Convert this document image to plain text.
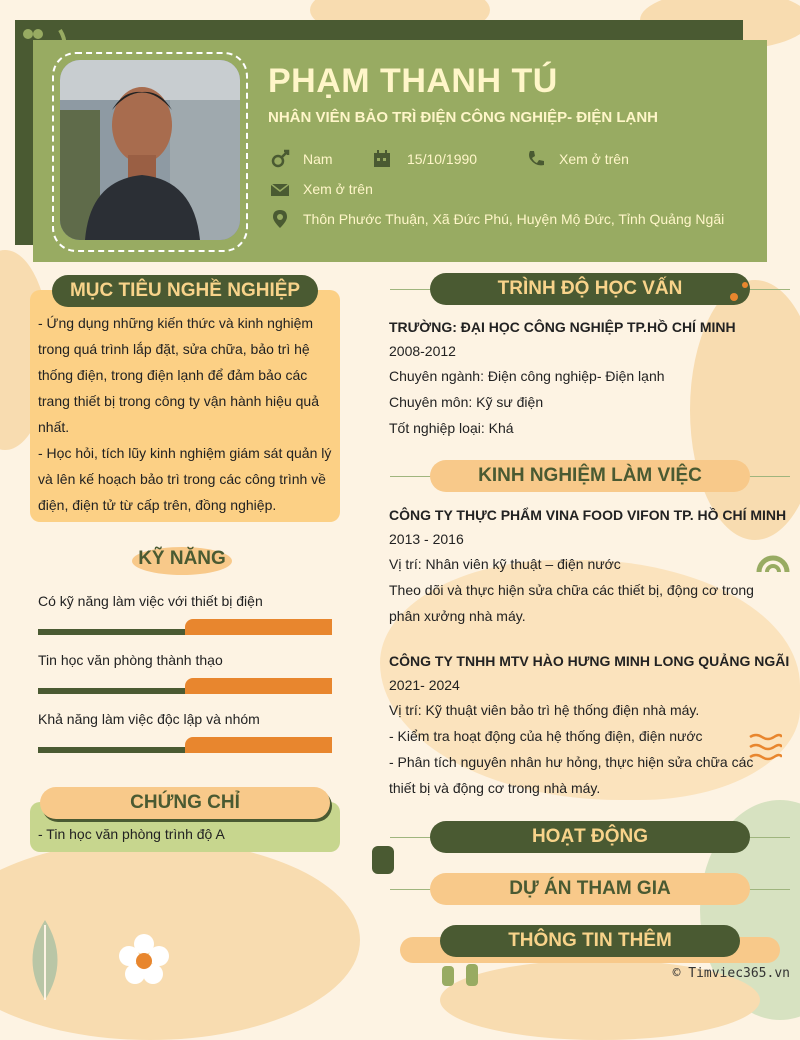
PHẠM THANH TÚ
NHÂN VIÊN BẢO TRÌ ĐIỆN CÔNG NGHIỆP- ĐIỆN LẠNH
Nam	15/10/1990	Xem ở trên
Xem ở trên
Thôn Phước Thuận, Xã Đức Phú, Huyện Mộ Đức, Tỉnh Quảng Ngãi
MỤC TIÊU NGHỀ NGHIỆP
- Ứng dụng những kiến thức và kinh nghiệm
trong quá trình lắp đặt, sửa chữa, bảo trì hệ
thống điện, trong điện lạnh để đảm bảo các
trang thiết bị trong công ty vận hành hiệu quả
nhất.
- Học hỏi, tích lũy kinh nghiệm giám sát quản lý
và lên kế hoạch bảo trì trong các công trình về
điện, điện tử từ cấp trên, đồng nghiệp.
KỸ NĂNG
Có kỹ năng làm việc với thiết bị điện
Tin học văn phòng thành thạo
Khả năng làm việc độc lập và nhóm
CHỨNG CHỈ
- Tin học văn phòng trình độ A
TRÌNH ĐỘ HỌC VẤN
TRƯỜNG: ĐẠI HỌC CÔNG NGHIỆP TP.HỒ CHÍ MINH
2008-2012
Chuyên ngành: Điện công nghiệp- Điện lạnh
Chuyên môn: Kỹ sư điện
Tốt nghiệp loại: Khá
KINH NGHIỆM LÀM VIỆC
CÔNG TY THỰC PHẨM VINA FOOD VIFON TP. HỒ CHÍ MINH
2013 - 2016
Vị trí: Nhân viên kỹ thuật – điện nước
Theo dõi và thực hiện sửa chữa các thiết bị, động cơ trong
phân xưởng nhà máy.
CÔNG TY TNHH MTV HÀO HƯNG MINH LONG QUẢNG NGÃI
2021- 2024
Vị trí: Kỹ thuật viên bảo trì hệ thống điện nhà máy.
- Kiểm tra hoạt động của hệ thống điện, điện nước
- Phân tích nguyên nhân hư hỏng, thực hiện sửa chữa các
thiết bị và động cơ trong nhà máy.
HOẠT ĐỘNG
DỰ ÁN THAM GIA
THÔNG TIN THÊM
© Timviec365.vn
